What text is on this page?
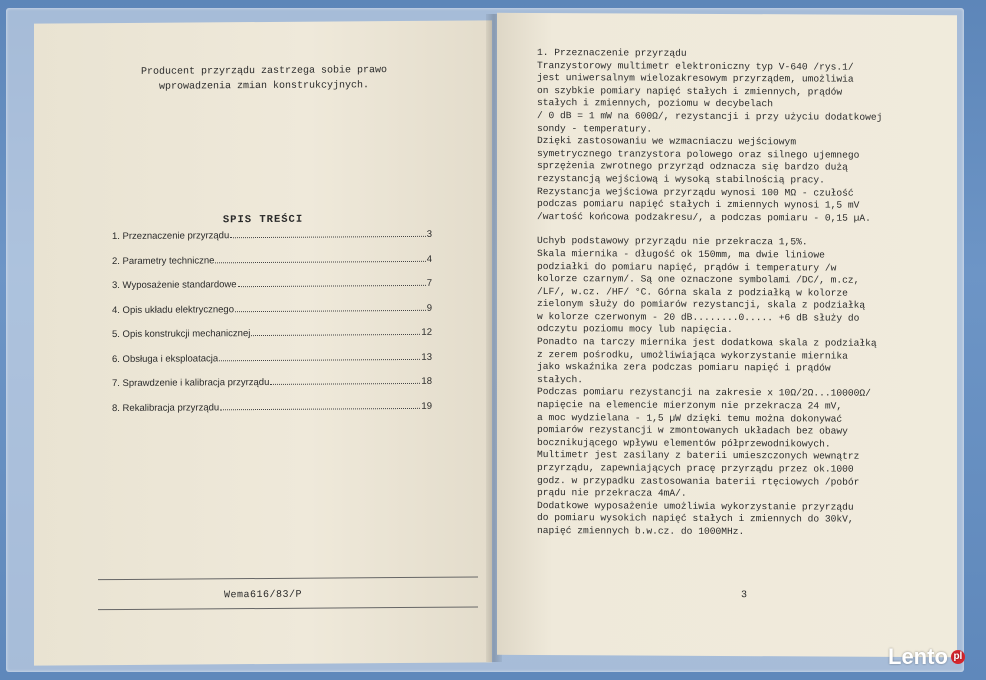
Producent przyrządu zastrzega sobie prawo
wprowadzenia zmian konstrukcyjnych.
SPIS TREŚCI
1. Przeznaczenie przyrządu	3
2. Parametry techniczne	4
3. Wyposażenie standardowe	7
4. Opis układu elektrycznego	9
5. Opis konstrukcji mechanicznej	12
6. Obsługa i eksploatacja	13
7. Sprawdzenie i kalibracja przyrządu	18
8. Rekalibracja przyrządu	19
Wema616/83/P
1. Przeznaczenie przyrządu
Tranzystorowy multimetr elektroniczny typ V-640 /rys.1/
jest uniwersalnym wielozakresowym przyrządem, umożliwia
on szybkie pomiary napięć stałych i zmiennych, prądów
stałych i zmiennych, poziomu w decybelach
/ 0 dB = 1 mW na 600Ω/, rezystancji i przy użyciu dodatkowej
sondy - temperatury.
Dzięki zastosowaniu we wzmacniaczu wejściowym
symetrycznego tranzystora polowego oraz silnego ujemnego
sprzężenia zwrotnego przyrząd odznacza się bardzo dużą
rezystancją wejściową i wysoką stabilnością pracy.
Rezystancja wejściowa przyrządu wynosi 100 MΩ - czułość
podczas pomiaru napięć stałych i zmiennych wynosi 1,5 mV
/wartość końcowa podzakresu/, a podczas pomiaru - 0,15 µA.
Uchyb podstawowy przyrządu nie przekracza 1,5%.
Skala miernika - długość ok 150mm, ma dwie liniowe
podziałki do pomiaru napięć, prądów i temperatury /w
kolorze czarnym/. Są one oznaczone symbolami /DC/, m.cz,
/LF/, w.cz. /HF/ °C. Górna skala z podziałką w kolorze
zielonym służy do pomiarów rezystancji, skala z podziałką
w kolorze czerwonym - 20 dB........0..... +6 dB służy do
odczytu poziomu mocy lub napięcia.
Ponadto na tarczy miernika jest dodatkowa skala z podziałką
z zerem pośrodku, umożliwiająca wykorzystanie miernika
jako wskaźnika zera podczas pomiaru napięć i prądów
stałych.
Podczas pomiaru rezystancji na zakresie x 10Ω/2Ω...10000Ω/
napięcie na elemencie mierzonym nie przekracza 24 mV,
a moc wydzielana - 1,5 µW dzięki temu można dokonywać
pomiarów rezystancji w zmontowanych układach bez obawy
bocznikującego wpływu elementów półprzewodnikowych.
Multimetr jest zasilany z baterii umieszczonych wewnątrz
przyrządu, zapewniających pracę przyrządu przez ok.1000
godz. w przypadku zastosowania baterii rtęciowych /pobór
prądu nie przekracza 4mA/.
Dodatkowe wyposażenie umożliwia wykorzystanie przyrządu
do pomiaru wysokich napięć stałych i zmiennych do 30kV,
napięć zmiennych b.w.cz. do 1000MHz.
3
Lento pl
